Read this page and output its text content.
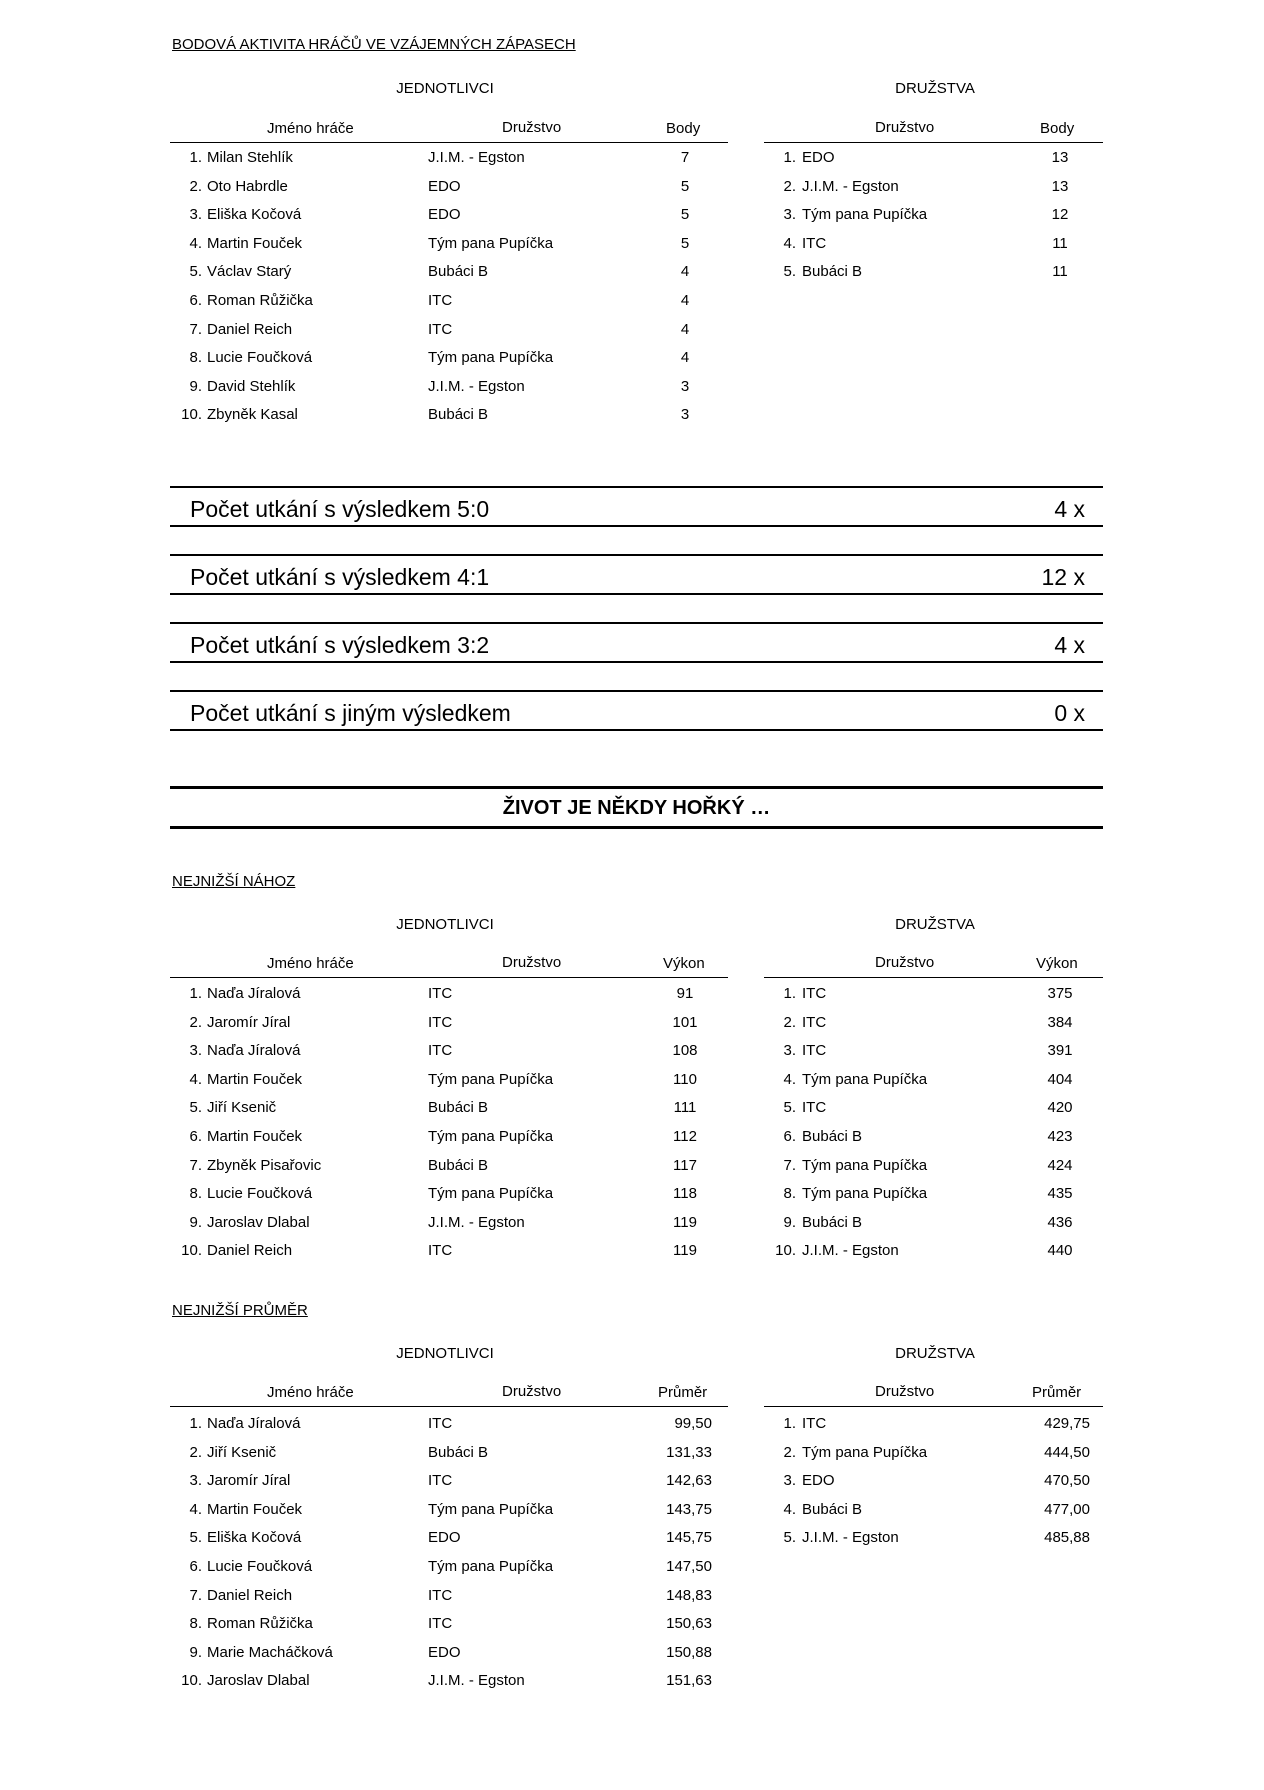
BODOVÁ AKTIVITA HRÁČŮ VE VZÁJEMNÝCH ZÁPASECH
JEDNOTLIVCI	DRUŽSTVA
Jméno hráče	Družstvo	Body	Družstvo	Body
1. Milan Stehlík	J.I.M. - Egston	7
2. Oto Habrdle	EDO	5
3. Eliška Kočová	EDO	5
4. Martin Fouček	Tým pana Pupíčka	5
5. Václav Starý	Bubáci B	4
6. Roman Růžička	ITC	4
7. Daniel Reich	ITC	4
8. Lucie Foučková	Tým pana Pupíčka	4
9. David Stehlík	J.I.M. - Egston	3
10. Zbyněk Kasal	Bubáci B	3
1. EDO	13
2. J.I.M. - Egston	13
3. Tým pana Pupíčka	12
4. ITC	11
5. Bubáci B	11
Počet utkání s výsledkem 5:0	4 x
Počet utkání s výsledkem 4:1	12 x
Počet utkání s výsledkem 3:2	4 x
Počet utkání s jiným výsledkem	0 x
ŽIVOT JE NĚKDY HOŘKÝ …
NEJNIŽŠÍ NÁHOZ
JEDNOTLIVCI	DRUŽSTVA
Jméno hráče	Družstvo	Výkon	Družstvo	Výkon
1. Naďa Jíralová	ITC	91
2. Jaromír Jíral	ITC	101
3. Naďa Jíralová	ITC	108
4. Martin Fouček	Tým pana Pupíčka	110
5. Jiří Ksenič	Bubáci B	111
6. Martin Fouček	Tým pana Pupíčka	112
7. Zbyněk Pisařovic	Bubáci B	117
8. Lucie Foučková	Tým pana Pupíčka	118
9. Jaroslav Dlabal	J.I.M. - Egston	119
10. Daniel Reich	ITC	119
1. ITC	375
2. ITC	384
3. ITC	391
4. Tým pana Pupíčka	404
5. ITC	420
6. Bubáci B	423
7. Tým pana Pupíčka	424
8. Tým pana Pupíčka	435
9. Bubáci B	436
10. J.I.M. - Egston	440
NEJNIŽŠÍ PRŮMĚR
JEDNOTLIVCI	DRUŽSTVA
Jméno hráče	Družstvo	Průměr	Družstvo	Průměr
1. Naďa Jíralová	ITC	99,50
2. Jiří Ksenič	Bubáci B	131,33
3. Jaromír Jíral	ITC	142,63
4. Martin Fouček	Tým pana Pupíčka	143,75
5. Eliška Kočová	EDO	145,75
6. Lucie Foučková	Tým pana Pupíčka	147,50
7. Daniel Reich	ITC	148,83
8. Roman Růžička	ITC	150,63
9. Marie Macháčková	EDO	150,88
10. Jaroslav Dlabal	J.I.M. - Egston	151,63
1. ITC	429,75
2. Tým pana Pupíčka	444,50
3. EDO	470,50
4. Bubáci B	477,00
5. J.I.M. - Egston	485,88
